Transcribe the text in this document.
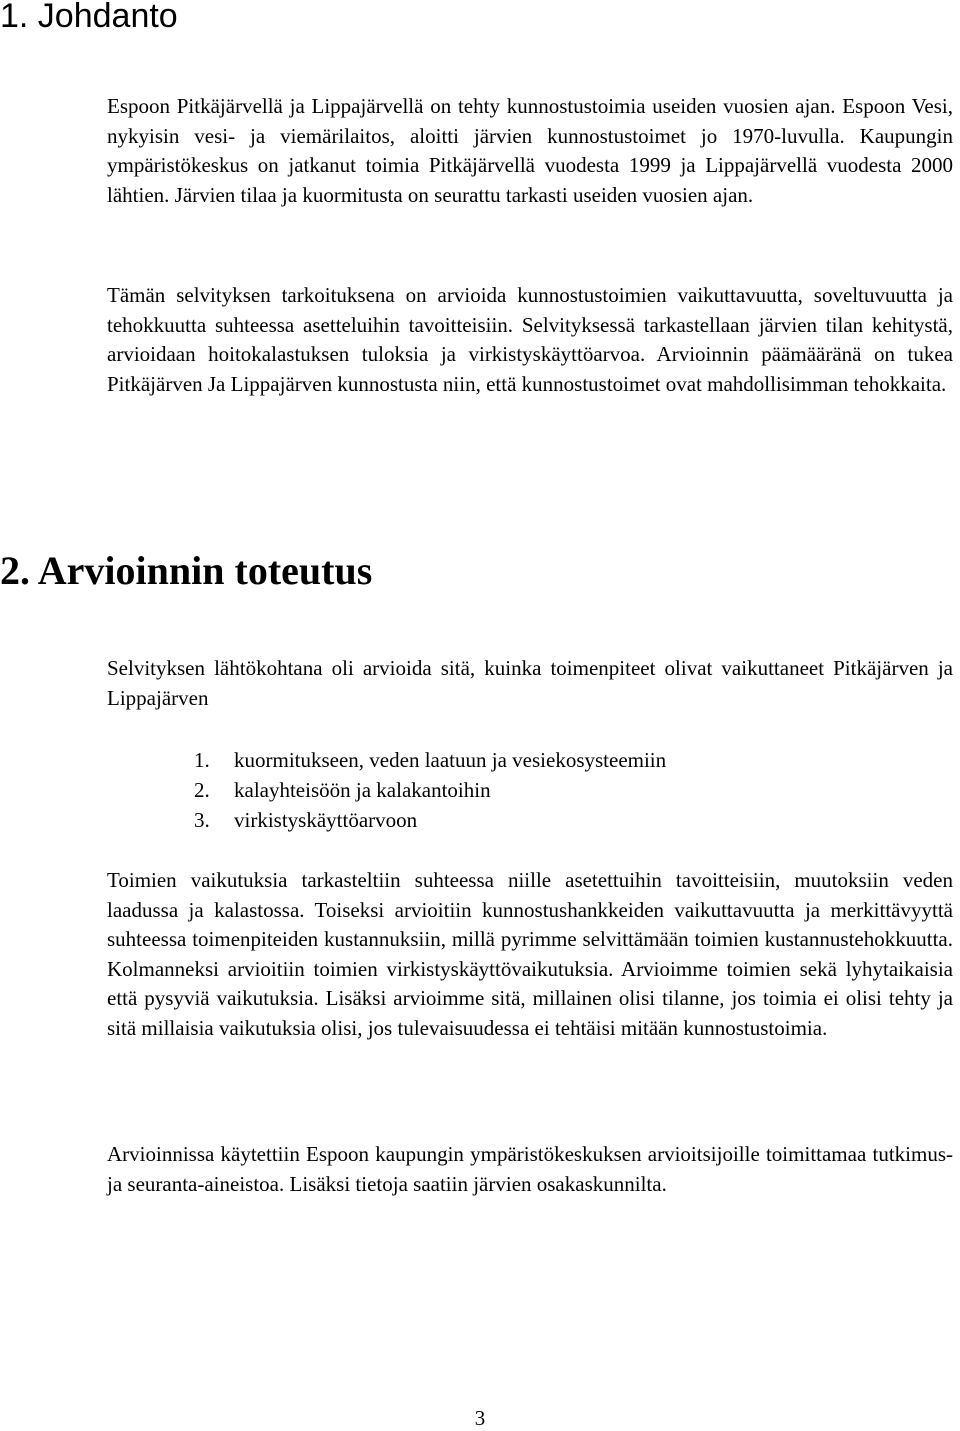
1. Johdanto

Espoon Pitkäjärvellä ja Lippajärvellä on tehty kunnostustoimia useiden vuosien ajan. Espoon Vesi, nykyisin vesi- ja viemärilaitos, aloitti järvien kunnostustoimet jo 1970-luvulla. Kaupungin ympäristökeskus on jatkanut toimia Pitkäjärvellä vuodesta 1999 ja Lippajärvellä vuodesta 2000 lähtien. Järvien tilaa ja kuormitusta on seurattu tarkasti useiden vuosien ajan.

Tämän selvityksen tarkoituksena on arvioida kunnostustoimien vaikuttavuutta, soveltuvuutta ja tehokkuutta suhteessa asetteluihin tavoitteisiin. Selvityksessä tarkastellaan järvien tilan kehitystä, arvioidaan hoitokalastuksen tuloksia ja virkistyskäyttöarvoa. Arvioinnin päämääränä on tukea Pitkäjärven Ja Lippajärven kunnostusta niin, että kunnostustoimet ovat mahdollisimman tehokkaita.

2. Arvioinnin toteutus

Selvityksen lähtökohtana oli arvioida sitä, kuinka toimenpiteet olivat vaikuttaneet Pitkäjärven ja Lippajärven

1. kuormitukseen, veden laatuun ja vesiekosysteemiin
2. kalayhteisöön ja kalakantoihin
3. virkistyskäyttöarvoon

Toimien vaikutuksia tarkasteltiin suhteessa niille asetettuihin tavoitteisiin, muutoksiin veden laadussa ja kalastossa. Toiseksi arvioitiin kunnostushankkeiden vaikuttavuutta ja merkittävyyttä suhteessa toimenpiteiden kustannuksiin, millä pyrimme selvittämään toimien kustannustehokkuutta. Kolmanneksi arvioitiin toimien virkistyskäyttövaikutuksia. Arvioimme toimien sekä lyhytaikaisia että pysyviä vaikutuksia. Lisäksi arvioimme sitä, millainen olisi tilanne, jos toimia ei olisi tehty ja sitä millaisia vaikutuksia olisi, jos tulevaisuudessa ei tehtäisi mitään kunnostustoimia.

Arvioinnissa käytettiin Espoon kaupungin ympäristökeskuksen arvioitsijoille toimittamaa tutkimus- ja seuranta-aineistoa. Lisäksi tietoja saatiin järvien osakaskunnilta.

3
